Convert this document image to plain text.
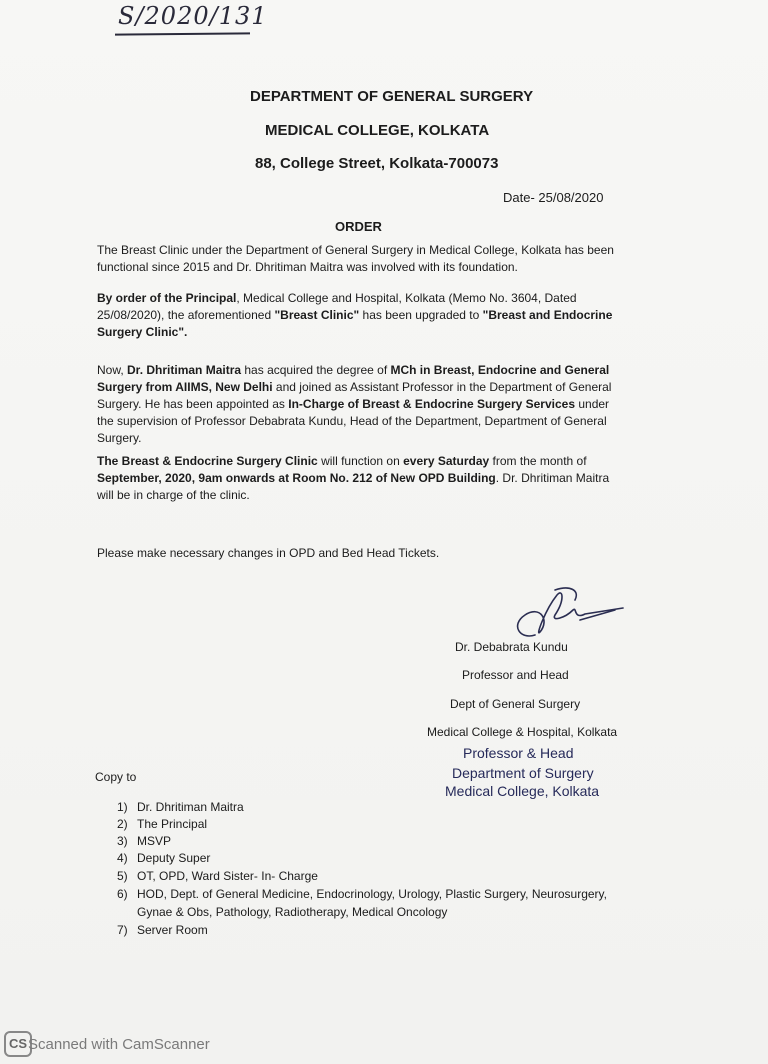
S/2020/131
DEPARTMENT OF GENERAL SURGERY
MEDICAL COLLEGE, KOLKATA
88, College Street, Kolkata-700073
Date- 25/08/2020
ORDER
The Breast Clinic under the Department of General Surgery in Medical College, Kolkata has been functional since 2015 and Dr. Dhritiman Maitra was involved with its foundation.
By order of the Principal, Medical College and Hospital, Kolkata (Memo No. 3604, Dated 25/08/2020), the aforementioned "Breast Clinic" has been upgraded to "Breast and Endocrine Surgery Clinic".
Now, Dr. Dhritiman Maitra has acquired the degree of MCh in Breast, Endocrine and General Surgery from AIIMS, New Delhi and joined as Assistant Professor in the Department of General Surgery. He has been appointed as In-Charge of Breast & Endocrine Surgery Services under the supervision of Professor Debabrata Kundu, Head of the Department, Department of General Surgery.
The Breast & Endocrine Surgery Clinic will function on every Saturday from the month of September, 2020, 9am onwards at Room No. 212 of New OPD Building. Dr. Dhritiman Maitra will be in charge of the clinic.
Please make necessary changes in OPD and Bed Head Tickets.
Dr. Debabrata Kundu
Professor and Head
Dept of General Surgery
Medical College & Hospital, Kolkata
Professor & Head
Department of Surgery
Medical College, Kolkata
Copy to
1) Dr. Dhritiman Maitra
2) The Principal
3) MSVP
4) Deputy Super
5) OT, OPD, Ward Sister- In- Charge
6) HOD, Dept. of General Medicine, Endocrinology, Urology, Plastic Surgery, Neurosurgery,
Gynae & Obs, Pathology, Radiotherapy, Medical Oncology
7) Server Room
CS Scanned with CamScanner
